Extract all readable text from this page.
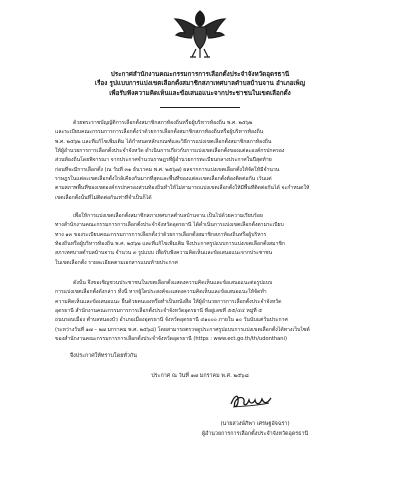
ประกาศสำนักงานคณะกรรมการการเลือกตั้งประจำจังหวัดอุดรธานี
เรื่อง รูปแบบการแบ่งเขตเลือกตั้งสมาชิกสภาเทศบาลตำบลบ้านจาน อำเภอเพ็ญ
เพื่อรับฟังความคิดเห็นและข้อเสนอแนะจากประชาชนในเขตเลือกตั้ง
ด้วยพระราชบัญญัติการเลือกตั้งสมาชิกสภาท้องถิ่นหรือผู้บริหารท้องถิ่น พ.ศ. ๒๕๖๒
และระเบียบคณะกรรมการการเลือกตั้งว่าด้วยการเลือกตั้งสมาชิกสภาท้องถิ่นหรือผู้บริหารท้องถิ่น
พ.ศ. ๒๕๖๒ และที่แก้ไขเพิ่มเติม ได้กำหนดหลักเกณฑ์และวิธีการแบ่งเขตเลือกตั้งสมาชิกสภาท้องถิ่น
ให้ผู้อำนวยการการเลือกตั้งประจำจังหวัด ดำเนินการเกี่ยวกับการแบ่งเขตเลือกตั้งของแต่ละองค์กรปกครอง
ส่วนท้องถิ่นโดยพิจารณา จากประกาศจำนวนราษฎรที่ผู้อำนวยการทะเบียนกลางประกาศในปีสุดท้าย
ก่อนที่จะมีการเลือกตั้ง (ณ วันที่ ๓๑ ธันวาคม พ.ศ. ๒๕๖๗) ผลจากการแบ่งเขตเลือกตั้งให้จัดให้มีจำนวน
ราษฎรในแต่ละเขตเลือกตั้งใกล้เคียงกันมากที่สุดและพื้นที่ของแต่ละเขตเลือกตั้งต้องติดต่อกัน เว้นแต่
ตามสภาพพื้นที่ของเขตองค์กรปกครองส่วนท้องถิ่นทำให้ไม่สามารถแบ่งเขตเลือกตั้งให้มีพื้นที่ติดต่อกันได้ จะกำหนดให้
เขตเลือกตั้งนั้นที่ไม่ติดต่อกันเท่าที่จำเป็นก็ได้
เพื่อให้การแบ่งเขตเลือกตั้งสมาชิกสภาเทศบาลตำบลบ้านจาน เป็นไปด้วยความเรียบร้อย
ทางสำนักงานคณะกรรมการการเลือกตั้งประจำจังหวัดอุดรธานี ได้ดำเนินการแบ่งเขตเลือกตั้งตามระเบียบ
ทาง ๑๓ ของระเบียบคณะกรรมการการเลือกตั้งว่าด้วยการเลือกตั้งสมาชิกสภาท้องถิ่นหรือผู้บริหาร
ท้องถิ่นหรือผู้บริหารท้องถิ่น พ.ศ. ๒๕๖๒ และที่แก้ไขเพิ่มเติม จึงประกาศรูปแบบการแบ่งเขตเลือกตั้งสมาชิก
สภาเทศบาลตำบลบ้านจาน จำนวน ๓ รูปแบบ เพื่อรับฟังความคิดเห็นและข้อเสนอแนะจากประชาชน
ในเขตเลือกตั้ง รายละเอียดตามเอกสารแนบท้ายประกาศ
ดังนั้น จึงขอเชิญชวนประชาชนในเขตเลือกตั้งแสดงความคิดเห็นและข้อเสนอแนะต่อรูปแบบ
การแบ่งเขตเลือกตั้งดังกล่าว ทั้งนี้ หากผู้ใดประสงค์จะแสดงความคิดเห็นและข้อเสนอแนะให้จัดทำ
ความคิดเห็นและข้อเสนอแนะ ยื่นด้วยตนเองหรือทำเป็นหนังสือ ให้ผู้อำนวยการการเลือกตั้งประจำจังหวัด
อุดรธานี สำนักงานคณะกรรมการการเลือกตั้งประจำจังหวัดอุดรธานี ที่อยู่เลขที่ ๕๕/๔๔ หมู่ที่ ๕
ถนนรอบเมือง ตำบลหนองบัว อำเภอเมืองอุดรธานี จังหวัดอุดรธานี ๔๑๐๐๐ ภายใน ๑๐ วันนับแต่วันประกาศ
(ระหว่างวันที่ ๑๗ – ๒๗ มกราคม พ.ศ. ๒๕๖๘) โดยสามารถตรวจดูประกาศรูปแบบการแบ่งเขตเลือกตั้งได้ทางเว็บไซต์
ของสำนักงานคณะกรรมการการเลือกตั้งประจำจังหวัดอุดรธานี (https : www.ect.go.th/th/udonthani)
จึงประกาศให้ทราบโดยทั่วกัน
ประกาศ ณ วันที่ ๑๗ มกราคม พ.ศ. ๒๕๖๘
(นายสวงษ์ภิพา เศรษฐอัจฉรา)
ผู้อำนวยการการเลือกตั้งประจำจังหวัดอุดรธานี
